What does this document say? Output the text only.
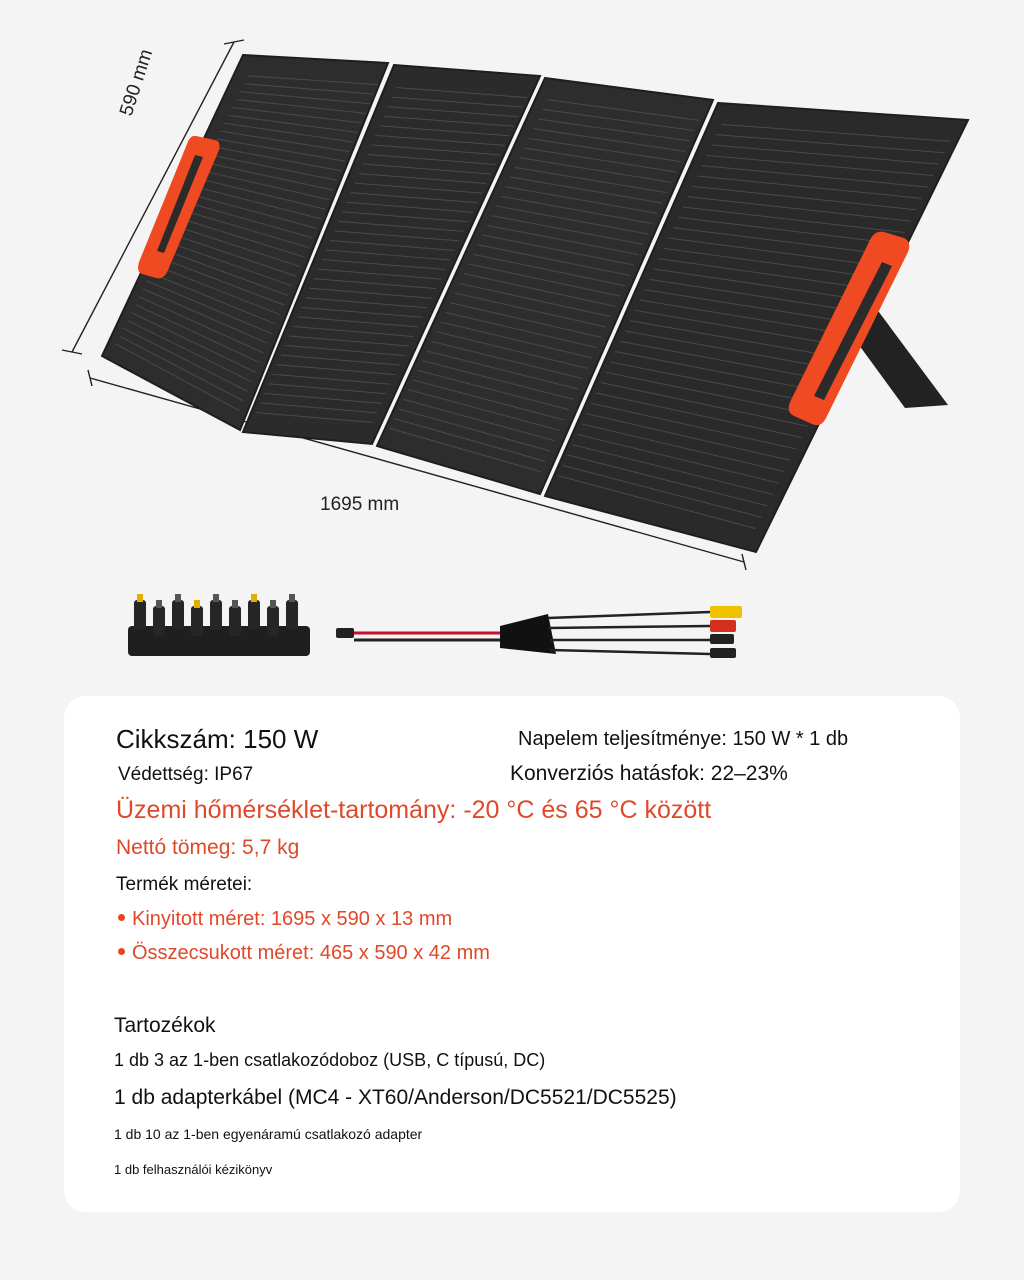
1695 mm
590 mm
Cikkszám: 150 W	Napelem teljesítménye: 150 W * 1 db
Védettség: IP67	Konverziós hatásfok: 22–23%
Üzemi hőmérséklet-tartomány: -20 °C és 65 °C között
Nettó tömeg: 5,7 kg
Termék méretei:
Kinyitott méret: 1695 x 590 x 13 mm
Összecsukott méret: 465 x 590 x 42 mm
Tartozékok
1 db 3 az 1-ben csatlakozódoboz (USB, C típusú, DC)
1 db adapterkábel (MC4 - XT60/Anderson/DC5521/DC5525)
1 db 10 az 1-ben egyenáramú csatlakozó adapter
1 db felhasználói kézikönyv
